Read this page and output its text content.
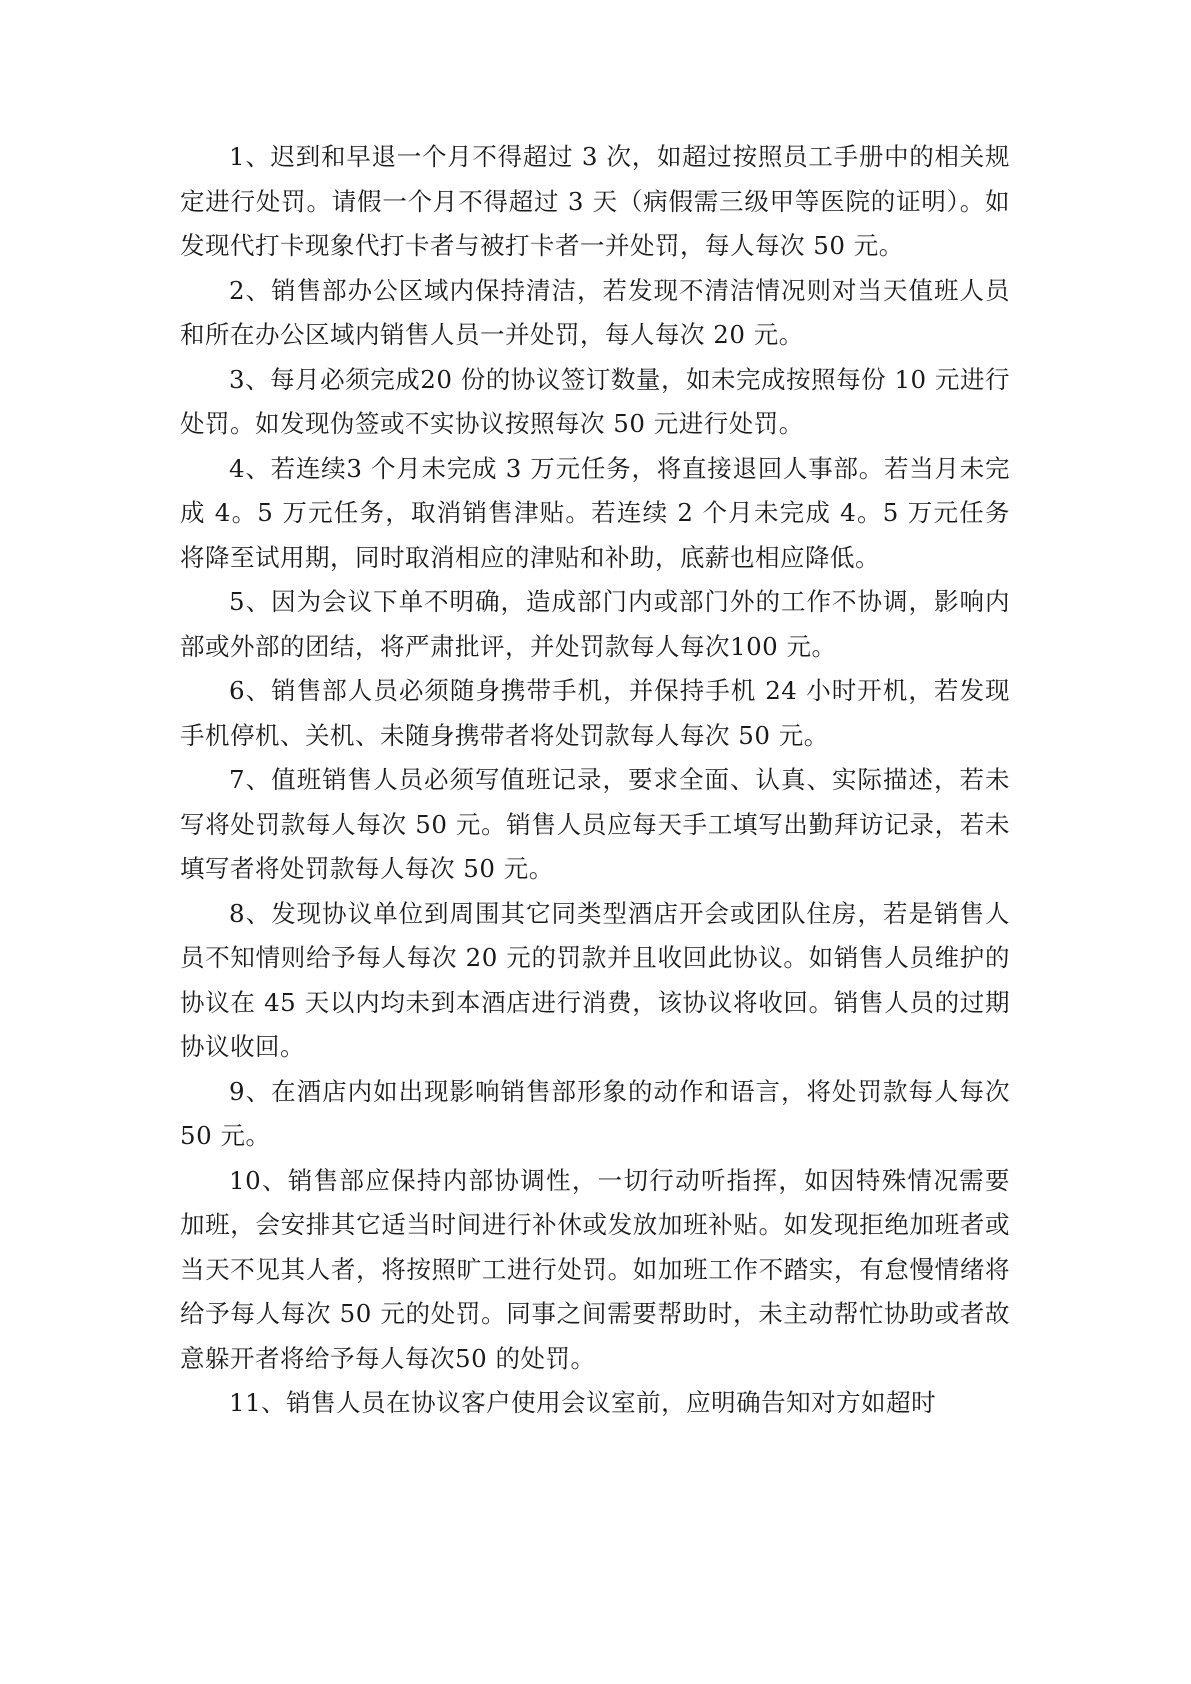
1、迟到和早退一个月不得超过 3 次，如超过按照员工手册中的相关规定进行处罚。请假一个月不得超过 3 天（病假需三级甲等医院的证明）。如发现代打卡现象代打卡者与被打卡者一并处罚，每人每次 50 元。

2、销售部办公区域内保持清洁，若发现不清洁情况则对当天值班人员和所在办公区域内销售人员一并处罚，每人每次 20 元。

3、每月必须完成20 份的协议签订数量，如未完成按照每份 10 元进行处罚。如发现伪签或不实协议按照每次 50 元进行处罚。

4、若连续3 个月未完成 3 万元任务，将直接退回人事部。若当月未完成 4。5 万元任务，取消销售津贴。若连续 2 个月未完成 4。5 万元任务将降至试用期，同时取消相应的津贴和补助，底薪也相应降低。

5、因为会议下单不明确，造成部门内或部门外的工作不协调，影响内部或外部的团结，将严肃批评，并处罚款每人每次100 元。

6、销售部人员必须随身携带手机，并保持手机 24 小时开机，若发现手机停机、关机、未随身携带者将处罚款每人每次 50 元。

7、值班销售人员必须写值班记录，要求全面、认真、实际描述，若未写将处罚款每人每次 50 元。销售人员应每天手工填写出勤拜访记录，若未填写者将处罚款每人每次 50 元。

8、发现协议单位到周围其它同类型酒店开会或团队住房，若是销售人员不知情则给予每人每次 20 元的罚款并且收回此协议。如销售人员维护的协议在 45 天以内均未到本酒店进行消费，该协议将收回。销售人员的过期协议收回。

9、在酒店内如出现影响销售部形象的动作和语言，将处罚款每人每次50 元。

10、销售部应保持内部协调性，一切行动听指挥，如因特殊情况需要加班，会安排其它适当时间进行补休或发放加班补贴。如发现拒绝加班者或当天不见其人者，将按照旷工进行处罚。如加班工作不踏实，有怠慢情绪将给予每人每次 50 元的处罚。同事之间需要帮助时，未主动帮忙协助或者故意躲开者将给予每人每次50 的处罚。

11、销售人员在协议客户使用会议室前，应明确告知对方如超时
